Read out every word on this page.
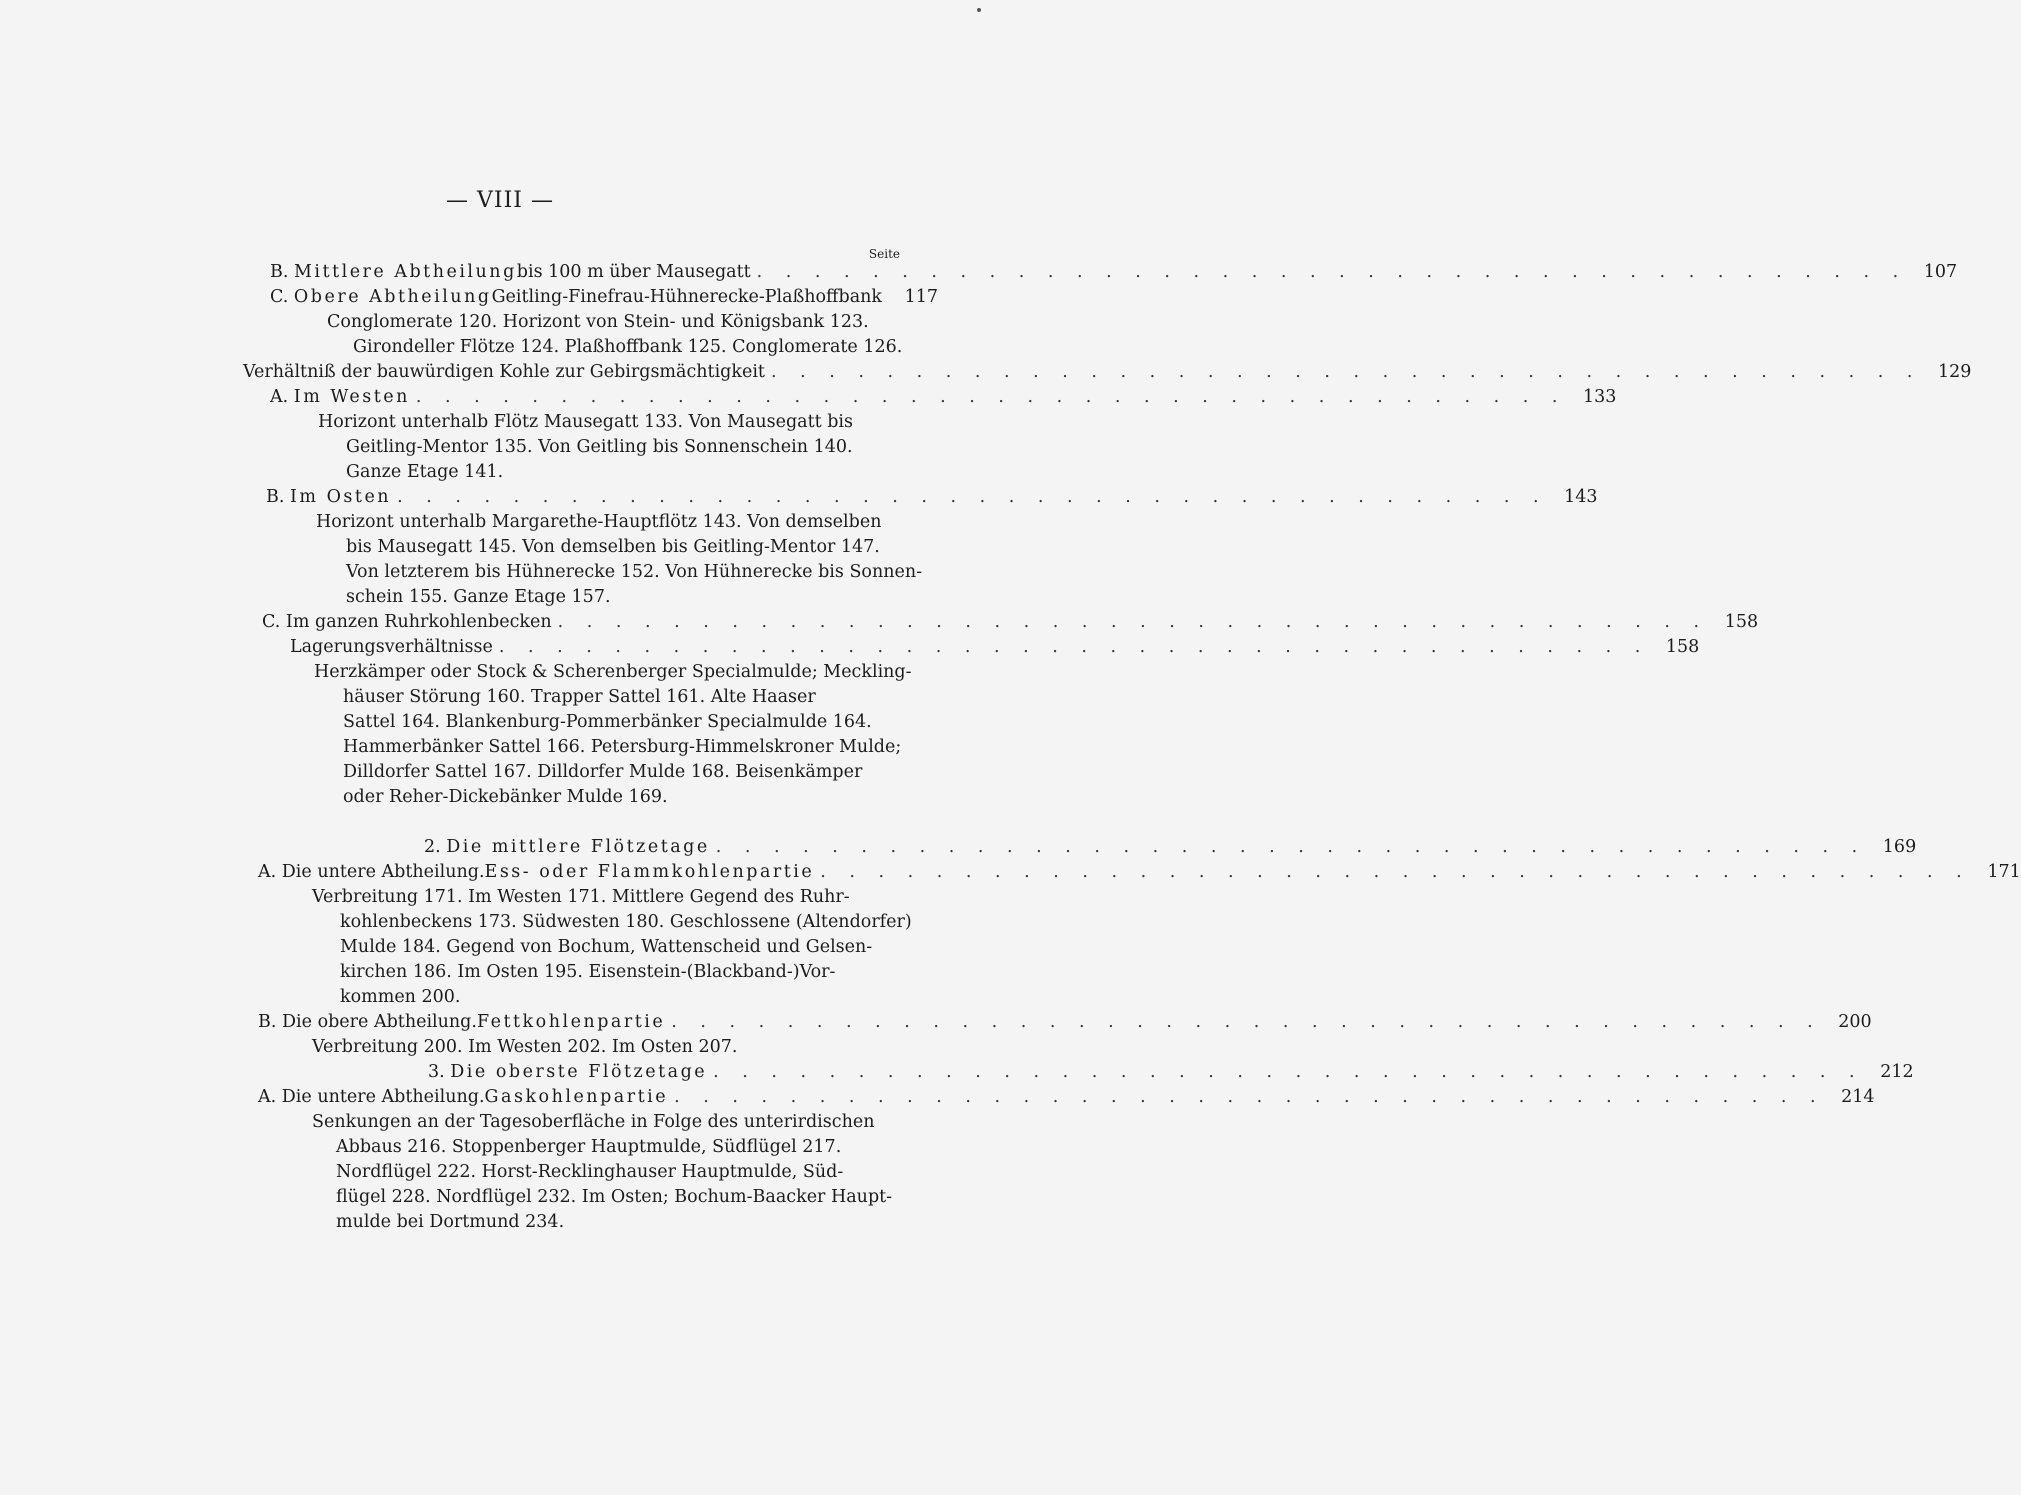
— VIII —
Seite
B.
Mittlere Abtheilung bis 100 m über Mausegatt . . . . . . . . . . . . . . . . . . . . . . . . . . . . . . . . . . . . . . . . 107
C.
Obere Abtheilung Geitling-Finefrau-Hühnerecke-Plaßhoffbank	117
Conglomerate 120. Horizont von Stein- und Königsbank 123.
Girondeller Flötze 124. Plaßhoffbank 125. Conglomerate 126.
Verhältniß der bauwürdigen Kohle zur Gebirgsmächtigkeit . . . . . . . . . . . . . . . . . . . . . . . . . . . . . . . . . . . . . . . . 129
A.
Im Westen . . . . . . . . . . . . . . . . . . . . . . . . . . . . . . . . . . . . . . . . 133
Horizont unterhalb Flötz Mausegatt 133. Von Mausegatt bis
Geitling-Mentor 135. Von Geitling bis Sonnenschein 140.
Ganze Etage 141.
B.
Im Osten . . . . . . . . . . . . . . . . . . . . . . . . . . . . . . . . . . . . . . . . 143
Horizont unterhalb Margarethe-Hauptflötz 143. Von demselben
bis Mausegatt 145. Von demselben bis Geitling-Mentor 147.
Von letzterem bis Hühnerecke 152. Von Hühnerecke bis Sonnen-
schein 155. Ganze Etage 157.
C.
Im ganzen Ruhrkohlenbecken . . . . . . . . . . . . . . . . . . . . . . . . . . . . . . . . . . . . . . . . 158
Lagerungsverhältnisse . . . . . . . . . . . . . . . . . . . . . . . . . . . . . . . . . . . . . . . . 158
Herzkämper oder Stock & Scherenberger Specialmulde; Meckling-
häuser Störung 160. Trapper Sattel 161. Alte Haaser
Sattel 164. Blankenburg-Pommerbänker Specialmulde 164.
Hammerbänker Sattel 166. Petersburg-Himmelskroner Mulde;
Dilldorfer Sattel 167. Dilldorfer Mulde 168. Beisenkämper
oder Reher-Dickebänker Mulde 169.
2.
Die mittlere Flötzetage . . . . . . . . . . . . . . . . . . . . . . . . . . . . . . . . . . . . . . . . 169
A.
Die untere Abtheilung. Ess- oder Flammkohlenpartie . . . . . . . . . . . . . . . . . . . . . . . . . . . . . . . . . . . . . . . . 171
Verbreitung 171. Im Westen 171. Mittlere Gegend des Ruhr-
kohlenbeckens 173. Südwesten 180. Geschlossene (Altendorfer)
Mulde 184. Gegend von Bochum, Wattenscheid und Gelsen-
kirchen 186. Im Osten 195. Eisenstein-(Blackband-)Vor-
kommen 200.
B.
Die obere Abtheilung. Fettkohlenpartie . . . . . . . . . . . . . . . . . . . . . . . . . . . . . . . . . . . . . . . . 200
Verbreitung 200. Im Westen 202. Im Osten 207.
3.
Die oberste Flötzetage . . . . . . . . . . . . . . . . . . . . . . . . . . . . . . . . . . . . . . . . 212
A.
Die untere Abtheilung. Gaskohlenpartie . . . . . . . . . . . . . . . . . . . . . . . . . . . . . . . . . . . . . . . . 214
Senkungen an der Tagesoberfläche in Folge des unterirdischen
Abbaus 216. Stoppenberger Hauptmulde, Südflügel 217.
Nordflügel 222. Horst-Recklinghauser Hauptmulde, Süd-
flügel 228. Nordflügel 232. Im Osten; Bochum-Baacker Haupt-
mulde bei Dortmund 234.
